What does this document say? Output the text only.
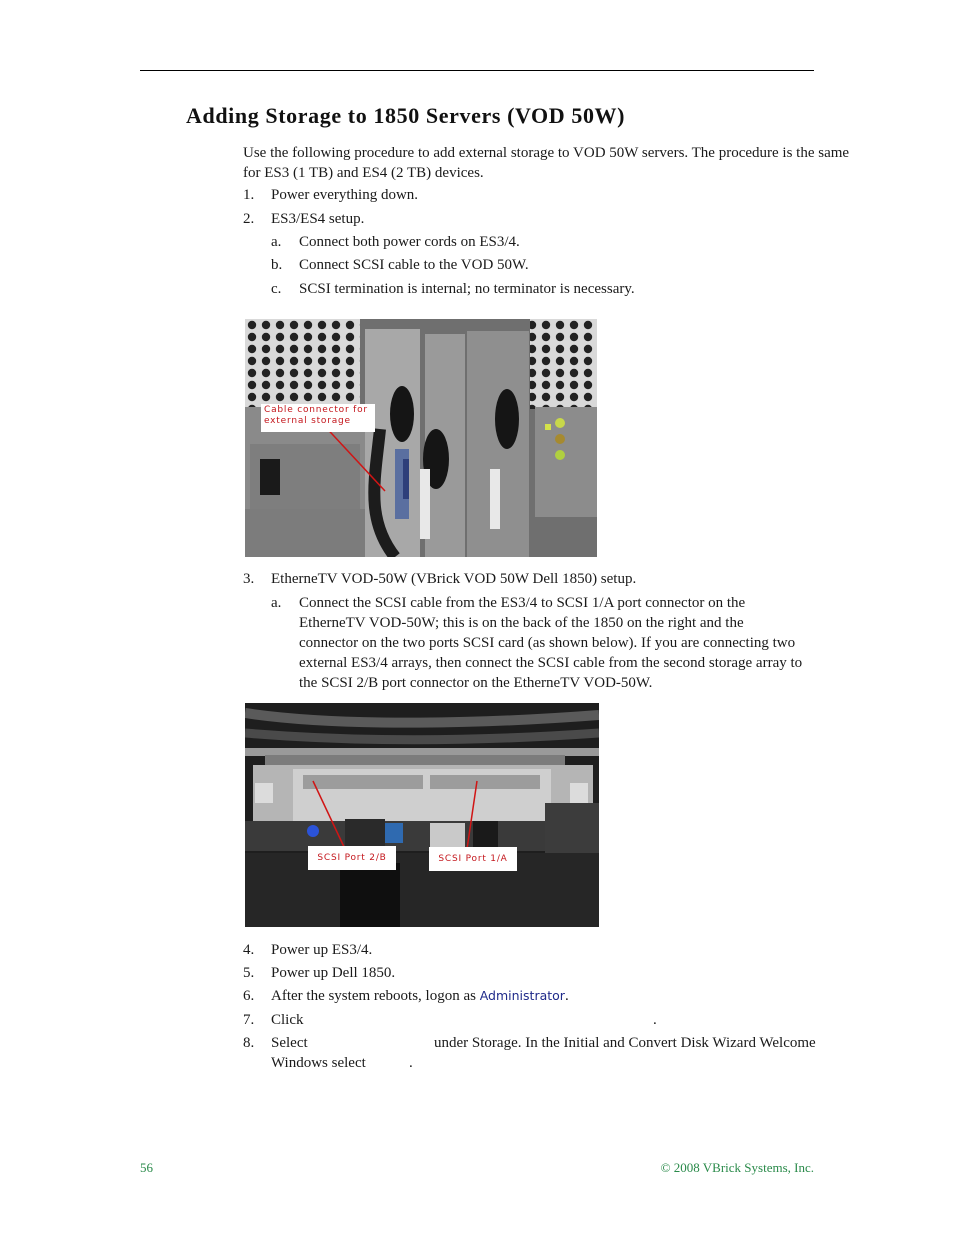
Adding Storage to 1850 Servers (VOD 50W)

Use the following procedure to add external storage to VOD 50W servers. The procedure is the same for ES3 (1 TB) and ES4 (2 TB) devices.

1. Power everything down.
2. ES3/ES4 setup.
a. Connect both power cords on ES3/4.
b. Connect SCSI cable to the VOD 50W.
c. SCSI termination is internal; no terminator is necessary.
Cable connector for
external storage
3. EtherneTV VOD-50W (VBrick VOD 50W Dell 1850) setup.
a. Connect the SCSI cable from the ES3/4 to SCSI 1/A port connector on the
EtherneTV VOD-50W; this is on the back of the 1850 on the right and the
connector on the two ports SCSI card (as shown below). If you are connecting two
external ES3/4 arrays, then connect the SCSI cable from the second storage array to
the SCSI 2/B port connector on the EtherneTV VOD-50W.
SCSI Port 2/B	SCSI Port 1/A
4. Power up ES3/4.
5. Power up Dell 1850.
6. After the system reboots, logon as Administrator.
7. Click	.
8. Select	under Storage. In the Initial and Convert Disk Wizard Welcome
Windows select	.
56	© 2008 VBrick Systems, Inc.
